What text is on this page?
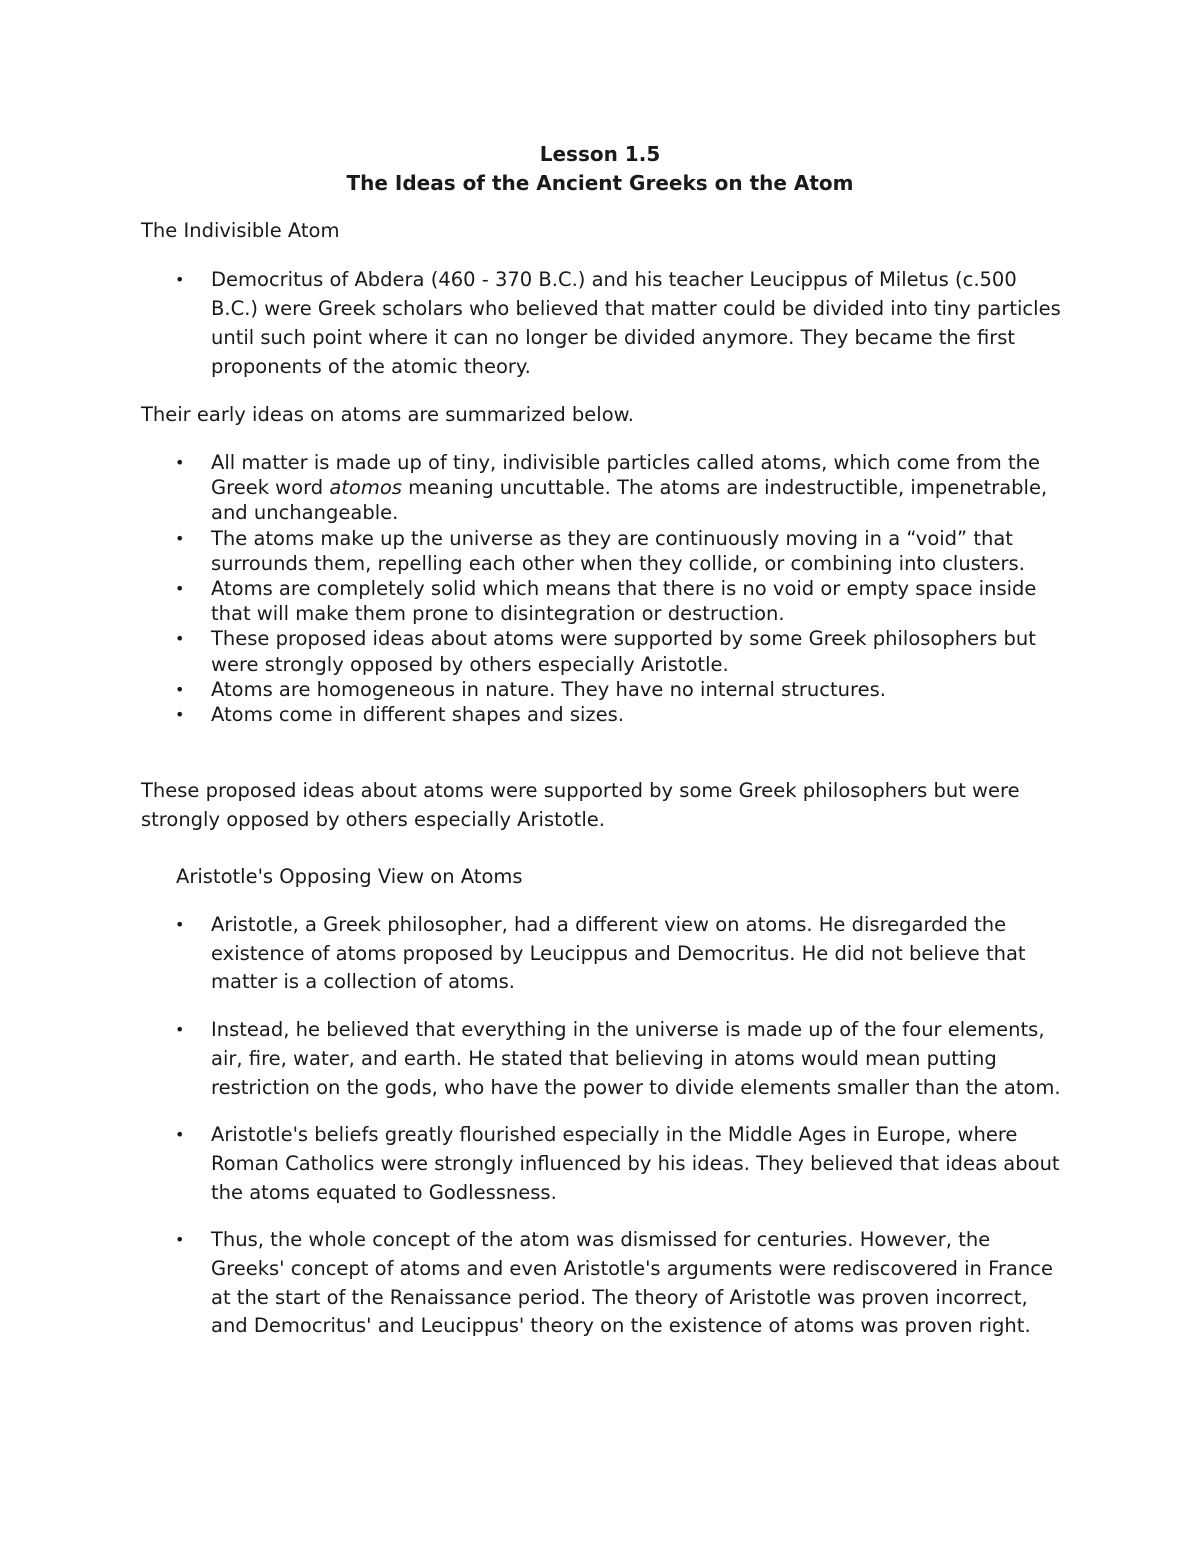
Lesson 1.5
The Ideas of the Ancient Greeks on the Atom

The Indivisible Atom

• Democritus of Abdera (460 - 370 B.C.) and his teacher Leucippus of Miletus (c.500 B.C.) were Greek scholars who believed that matter could be divided into tiny particles until such point where it can no longer be divided anymore. They became the first proponents of the atomic theory.

Their early ideas on atoms are summarized below.

• All matter is made up of tiny, indivisible particles called atoms, which come from the Greek word atomos meaning uncuttable. The atoms are indestructible, impenetrable, and unchangeable.
• The atoms make up the universe as they are continuously moving in a “void” that surrounds them, repelling each other when they collide, or combining into clusters.
• Atoms are completely solid which means that there is no void or empty space inside that will make them prone to disintegration or destruction.
• These proposed ideas about atoms were supported by some Greek philosophers but were strongly opposed by others especially Aristotle.
• Atoms are homogeneous in nature. They have no internal structures.
• Atoms come in different shapes and sizes.

These proposed ideas about atoms were supported by some Greek philosophers but were strongly opposed by others especially Aristotle.

Aristotle's Opposing View on Atoms

• Aristotle, a Greek philosopher, had a different view on atoms. He disregarded the existence of atoms proposed by Leucippus and Democritus. He did not believe that matter is a collection of atoms.
• Instead, he believed that everything in the universe is made up of the four elements, air, fire, water, and earth. He stated that believing in atoms would mean putting restriction on the gods, who have the power to divide elements smaller than the atom.
• Aristotle's beliefs greatly flourished especially in the Middle Ages in Europe, where Roman Catholics were strongly influenced by his ideas. They believed that ideas about the atoms equated to Godlessness.
• Thus, the whole concept of the atom was dismissed for centuries. However, the Greeks' concept of atoms and even Aristotle's arguments were rediscovered in France at the start of the Renaissance period. The theory of Aristotle was proven incorrect, and Democritus' and Leucippus' theory on the existence of atoms was proven right.
